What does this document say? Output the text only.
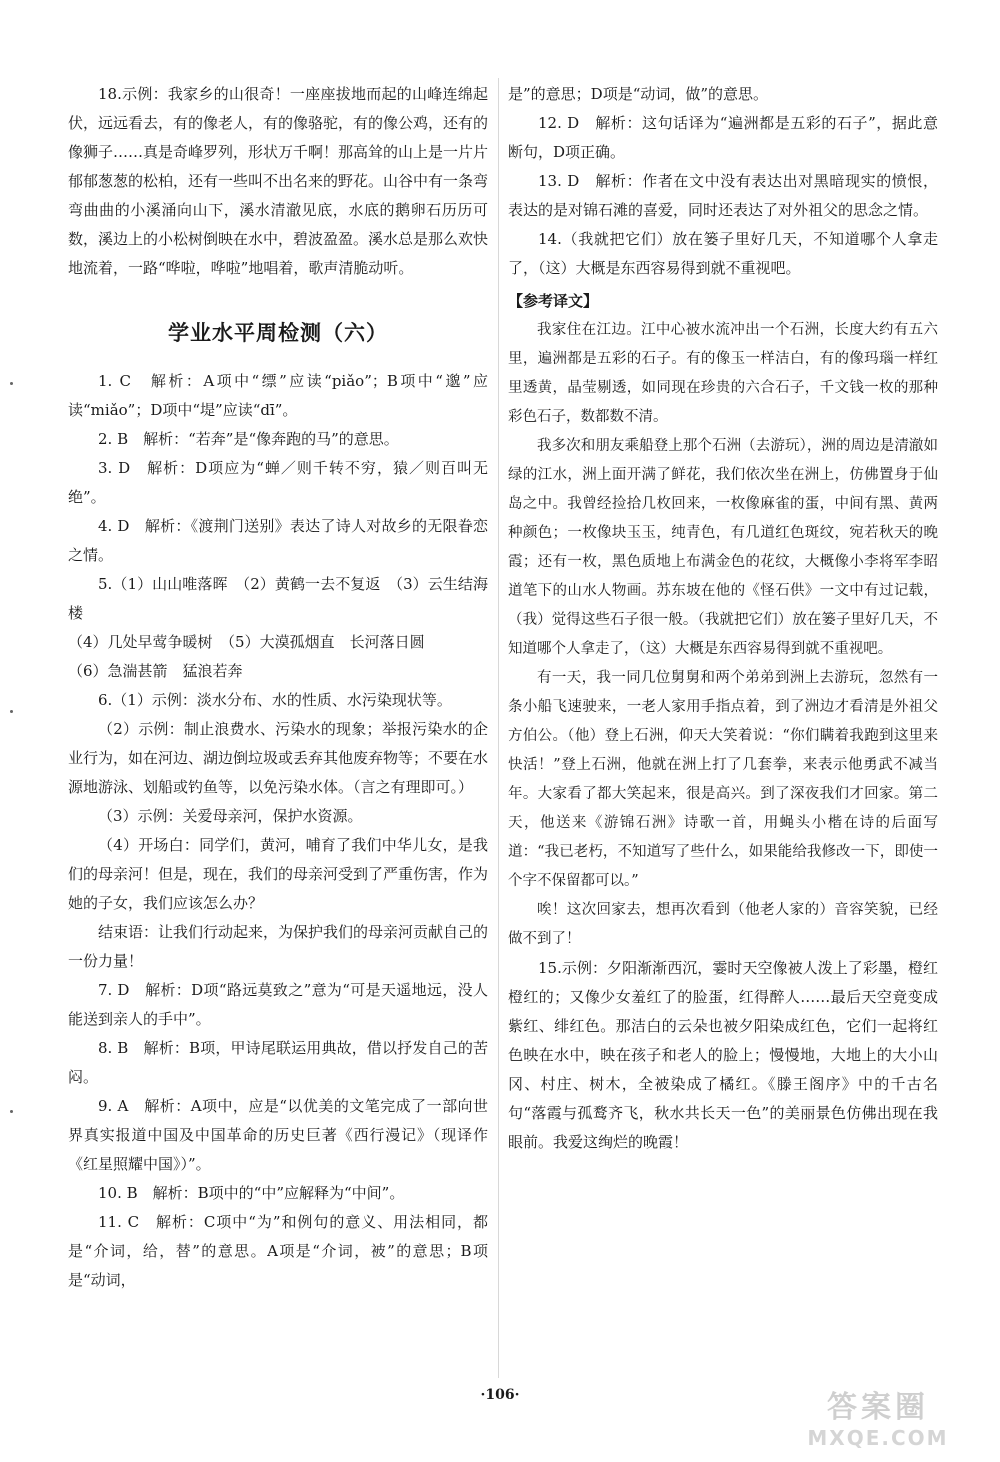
18.示例：我家乡的山很奇！一座座拔地而起的山峰连绵起伏，远远看去，有的像老人，有的像骆驼，有的像公鸡，还有的像狮子……真是奇峰罗列，形状万千啊！那高耸的山上是一片片郁郁葱葱的松柏，还有一些叫不出名来的野花。山谷中有一条弯弯曲曲的小溪涌向山下，溪水清澈见底，水底的鹅卵石历历可数，溪边上的小松树倒映在水中，碧波盈盈。溪水总是那么欢快地流着，一路“哗啦，哗啦”地唱着，歌声清脆动听。

学业水平周检测（六）

1. C　解析：A项中“缥”应读“piǎo”；B项中“邈”应读“miǎo”；D项中“堤”应读“dī”。

2. B　解析：“若奔”是“像奔跑的马”的意思。

3. D　解析：D项应为“蝉／则千转不穷，猿／则百叫无绝”。

4. D　解析：《渡荆门送别》表达了诗人对故乡的无限眷恋之情。

5.（1）山山唯落晖　（2）黄鹤一去不复返　（3）云生结海楼

（4）几处早莺争暖树　（5）大漠孤烟直　长河落日圆

（6）急湍甚箭　猛浪若奔

6.（1）示例：淡水分布、水的性质、水污染现状等。

（2）示例：制止浪费水、污染水的现象；举报污染水的企业行为，如在河边、湖边倒垃圾或丢弃其他废弃物等；不要在水源地游泳、划船或钓鱼等，以免污染水体。（言之有理即可。）

（3）示例：关爱母亲河，保护水资源。

（4）开场白：同学们，黄河，哺育了我们中华儿女，是我们的母亲河！但是，现在，我们的母亲河受到了严重伤害，作为她的子女，我们应该怎么办？

结束语：让我们行动起来，为保护我们的母亲河贡献自己的一份力量！

7. D　解析：D项“路远莫致之”意为“可是天遥地远，没人能送到亲人的手中”。

8. B　解析：B项，甲诗尾联运用典故，借以抒发自己的苦闷。

9. A　解析：A项中，应是“以优美的文笔完成了一部向世界真实报道中国及中国革命的历史巨著《西行漫记》（现译作《红星照耀中国》）”。

10. B　解析：B项中的“中”应解释为“中间”。

11. C　解析：C项中“为”和例句的意义、用法相同，都是“介词，给，替”的意思。A项是“介词，被”的意思；B项是“动词，

是”的意思；D项是“动词，做”的意思。

12. D　解析：这句话译为“遍洲都是五彩的石子”，据此意断句，D项正确。

13. D　解析：作者在文中没有表达出对黑暗现实的愤恨，表达的是对锦石滩的喜爱，同时还表达了对外祖父的思念之情。

14.（我就把它们）放在篓子里好几天，不知道哪个人拿走了，（这）大概是东西容易得到就不重视吧。

【参考译文】

我家住在江边。江中心被水流冲出一个石洲，长度大约有五六里，遍洲都是五彩的石子。有的像玉一样洁白，有的像玛瑙一样红里透黄，晶莹剔透，如同现在珍贵的六合石子，千文钱一枚的那种彩色石子，数都数不清。

我多次和朋友乘船登上那个石洲（去游玩），洲的周边是清澈如绿的江水，洲上面开满了鲜花，我们依次坐在洲上，仿佛置身于仙岛之中。我曾经捡拾几枚回来，一枚像麻雀的蛋，中间有黑、黄两种颜色；一枚像块玉玉，纯青色，有几道红色斑纹，宛若秋天的晚霞；还有一枚，黑色质地上布满金色的花纹，大概像小李将军李昭道笔下的山水人物画。苏东坡在他的《怪石供》一文中有过记载，（我）觉得这些石子很一般。（我就把它们）放在篓子里好几天，不知道哪个人拿走了，（这）大概是东西容易得到就不重视吧。

有一天，我一同几位舅舅和两个弟弟到洲上去游玩，忽然有一条小船飞速驶来，一老人家用手指点着，到了洲边才看清是外祖父方伯公。（他）登上石洲，仰天大笑着说：“你们瞒着我跑到这里来快活！”登上石洲，他就在洲上打了几套拳，来表示他勇武不减当年。大家看了都大笑起来，很是高兴。到了深夜我们才回家。第二天，他送来《游锦石洲》诗歌一首，用蝇头小楷在诗的后面写道：“我已老朽，不知道写了些什么，如果能给我修改一下，即使一个字不保留都可以。”

唉！这次回家去，想再次看到（他老人家的）音容笑貌，已经做不到了！

15.示例：夕阳渐渐西沉，霎时天空像被人泼上了彩墨，橙红橙红的；又像少女羞红了的脸蛋，红得醉人……最后天空竟变成紫红、绯红色。那洁白的云朵也被夕阳染成红色，它们一起将红色映在水中，映在孩子和老人的脸上；慢慢地，大地上的大小山冈、村庄、树木，全被染成了橘红。《滕王阁序》中的千古名句“落霞与孤鹜齐飞，秋水共长天一色”的美丽景色仿佛出现在我眼前。我爱这绚烂的晚霞！

·106·	答案圈
MXQE.COM
